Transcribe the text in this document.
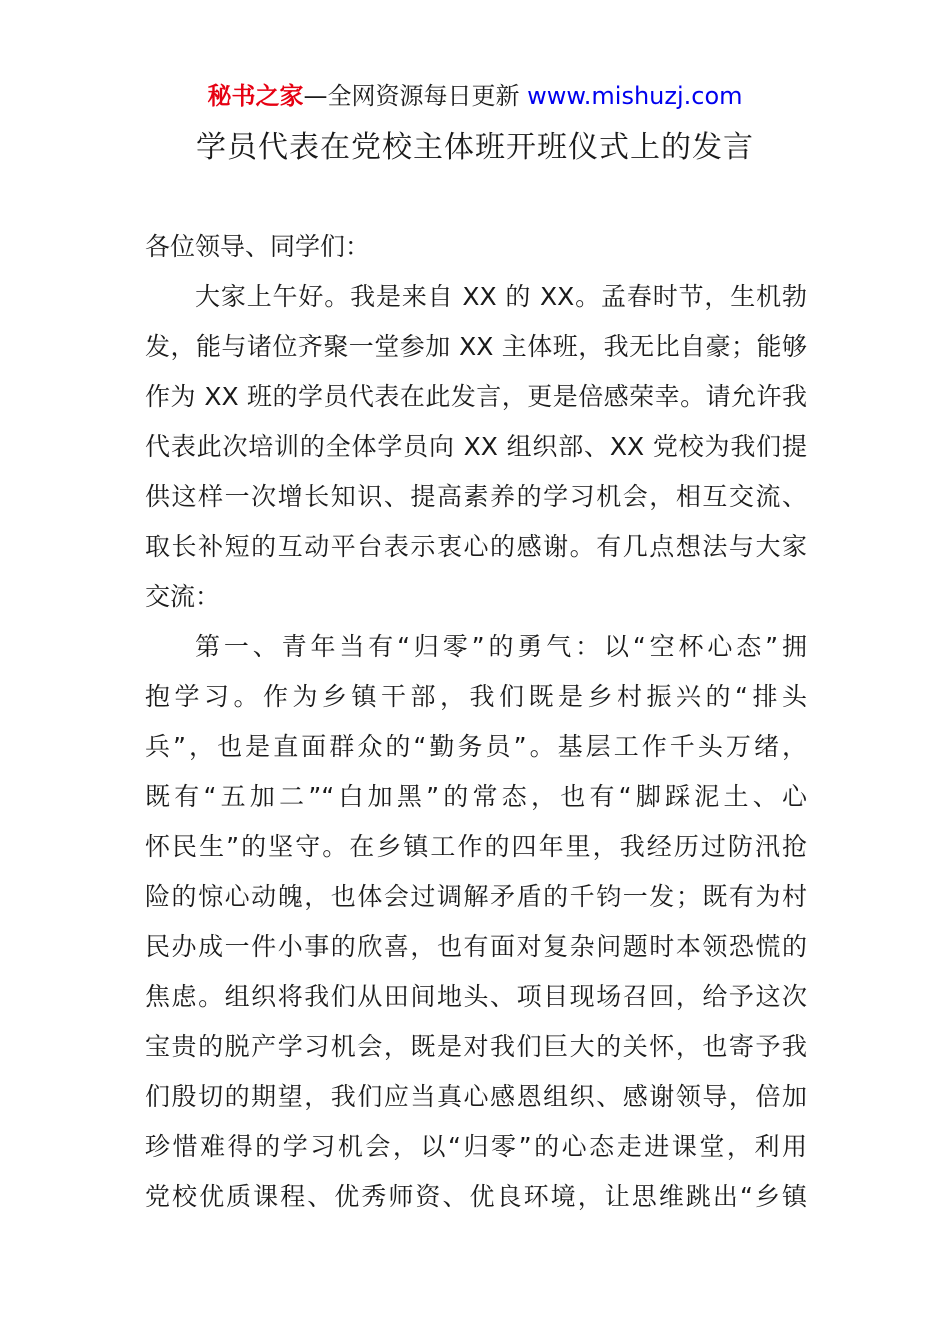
秘书之家—全网资源每日更新 www.mishuzj.com
学员代表在党校主体班开班仪式上的发言
各位领导、同学们：
大家上午好。我是来自 XX 的 XX。孟春时节，生机勃
发，能与诸位齐聚一堂参加 XX 主体班，我无比自豪；能够
作为 XX 班的学员代表在此发言，更是倍感荣幸。请允许我
代表此次培训的全体学员向 XX 组织部、XX 党校为我们提
供这样一次增长知识、提高素养的学习机会，相互交流、
取长补短的互动平台表示衷心的感谢。有几点想法与大家
交流：
第一、青年当有“归零”的勇气：以“空杯心态”拥
抱学习。作为乡镇干部，我们既是乡村振兴的“排头
兵”，也是直面群众的“勤务员”。基层工作千头万绪，
既有“五加二”“白加黑”的常态，也有“脚踩泥土、心
怀民生”的坚守。在乡镇工作的四年里，我经历过防汛抢
险的惊心动魄，也体会过调解矛盾的千钧一发；既有为村
民办成一件小事的欣喜，也有面对复杂问题时本领恐慌的
焦虑。组织将我们从田间地头、项目现场召回，给予这次
宝贵的脱产学习机会，既是对我们巨大的关怀，也寄予我
们殷切的期望，我们应当真心感恩组织、感谢领导，倍加
珍惜难得的学习机会，以“归零”的心态走进课堂，利用
党校优质课程、优秀师资、优良环境，让思维跳出“乡镇
